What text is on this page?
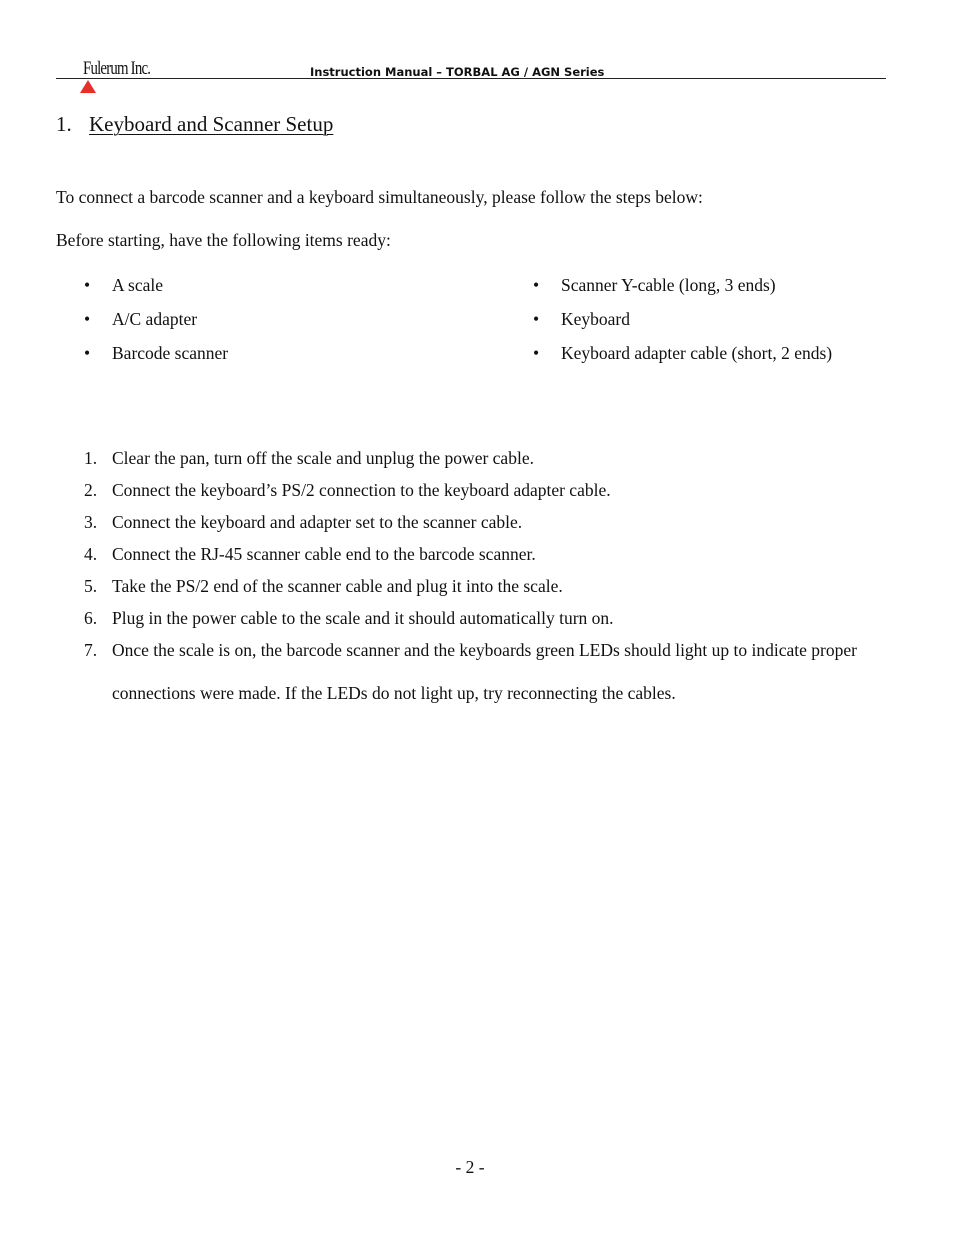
Fulerum Inc.	Instruction Manual – TORBAL AG / AGN Series
1. Keyboard and Scanner Setup
To connect a barcode scanner and a keyboard simultaneously, please follow the steps below:
Before starting, have the following items ready:
• A scale
• A/C adapter
• Barcode scanner
• Scanner Y-cable (long, 3 ends)
• Keyboard
• Keyboard adapter cable (short, 2 ends)
1. Clear the pan, turn off the scale and unplug the power cable.
2. Connect the keyboard’s PS/2 connection to the keyboard adapter cable.
3. Connect the keyboard and adapter set to the scanner cable.
4. Connect the RJ-45 scanner cable end to the barcode scanner.
5. Take the PS/2 end of the scanner cable and plug it into the scale.
6. Plug in the power cable to the scale and it should automatically turn on.
7. Once the scale is on, the barcode scanner and the keyboards green LEDs should light up to indicate proper connections were made. If the LEDs do not light up, try reconnecting the cables.
- 2 -
